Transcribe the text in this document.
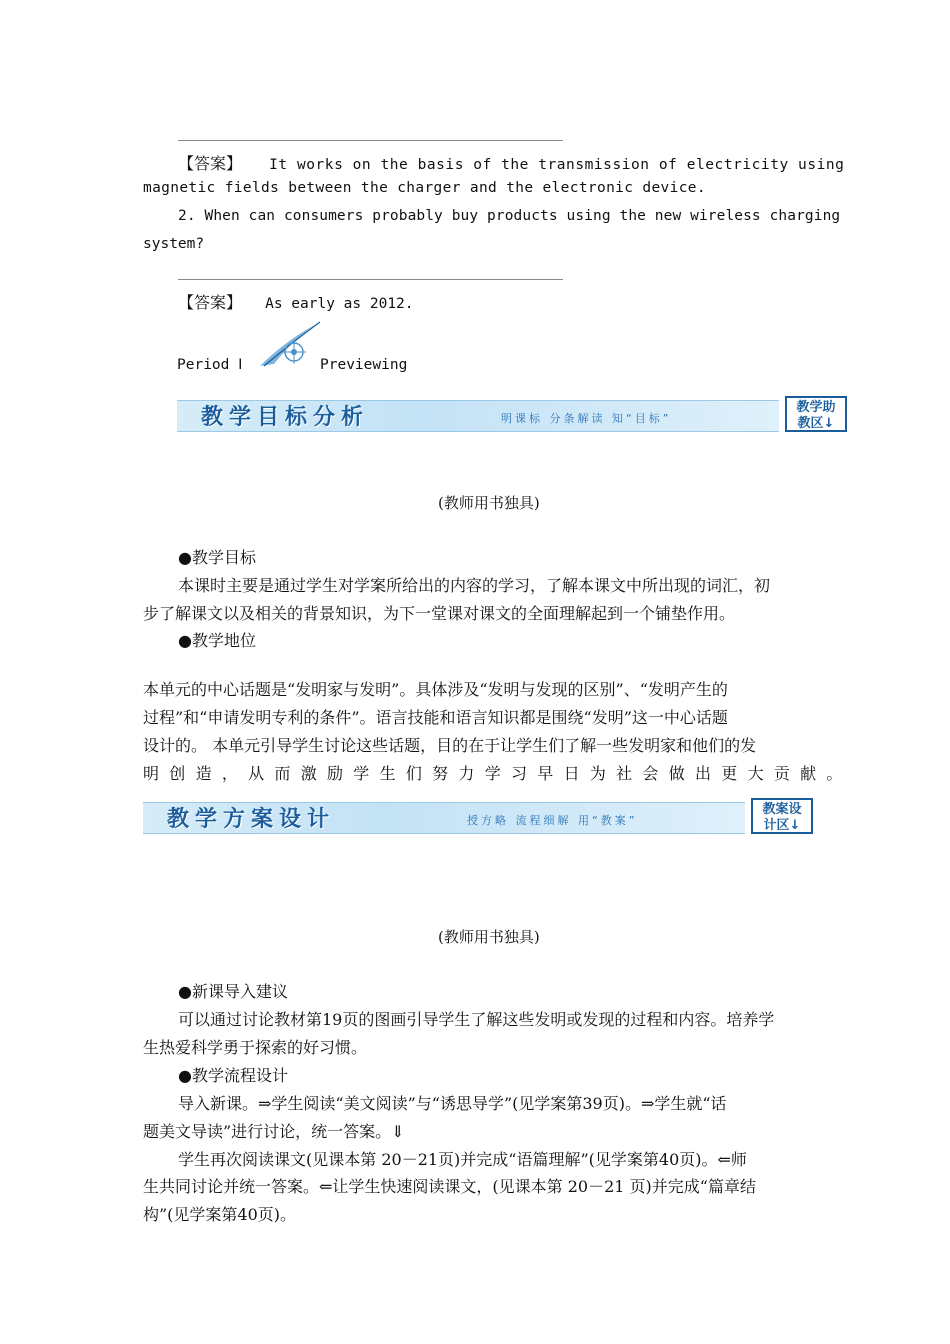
【答案】 It works on the basis of the transmission of electricity using
magnetic fields between the charger and the electronic device.
2. When can consumers probably buy products using the new wireless charging
system?
【答案】 As early as 2012.
Period Ⅰ	Previewing
教学目标分析	明课标 分条解读 知“目标”
教学助
教区↓
(教师用书独具)
●教学目标
本课时主要是通过学生对学案所给出的内容的学习，了解本课文中所出现的词汇，初
步了解课文以及相关的背景知识，为下一堂课对课文的全面理解起到一个铺垫作用。
●教学地位
本单元的中心话题是“发明家与发明”。具体涉及“发明与发现的区别”、“发明产生的
过程”和“申请发明专利的条件”。语言技能和语言知识都是围绕“发明”这一中心话题
设计的。 本单元引导学生讨论这些话题，目的在于让学生们了解一些发明家和他们的发
明 创 造 ， 从 而 激 励 学 生 们 努 力 学 习 早 日 为 社 会 做 出 更 大 贡 献 。
教学方案设计	授方略 流程细解 用“教案”
教案设
计区↓
(教师用书独具)
●新课导入建议
可以通过讨论教材第19页的图画引导学生了解这些发明或发现的过程和内容。培养学
生热爱科学勇于探索的好习惯。
●教学流程设计
导入新课。⇒学生阅读“美文阅读”与“诱思导学”(见学案第39页)。⇒学生就“话
题美文导读”进行讨论，统一答案。⇓
学生再次阅读课文(见课本第 20－21页)并完成“语篇理解”(见学案第40页)。⇐师
生共同讨论并统一答案。⇐让学生快速阅读课文，(见课本第 20－21 页)并完成“篇章结
构”(见学案第40页)。
